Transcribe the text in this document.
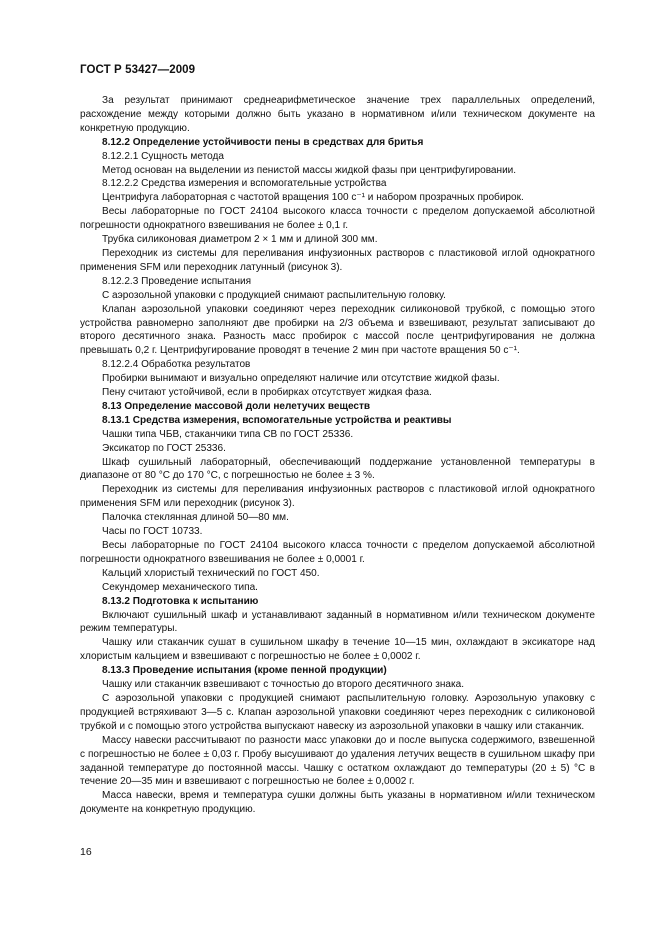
ГОСТ Р 53427—2009

За результат принимают среднеарифметическое значение трех параллельных определений, расхождение между которыми должно быть указано в нормативном и/или техническом документе на конкретную продукцию.

8.12.2 Определение устойчивости пены в средствах для бритья

8.12.2.1 Сущность метода

Метод основан на выделении из пенистой массы жидкой фазы при центрифугировании.

8.12.2.2 Средства измерения и вспомогательные устройства

Центрифуга лабораторная с частотой вращения 100 с⁻¹ и набором прозрачных пробирок.

Весы лабораторные по ГОСТ 24104 высокого класса точности с пределом допускаемой абсолютной погрешности однократного взвешивания не более ± 0,1 г.

Трубка силиконовая диаметром 2 × 1 мм и длиной 300 мм.

Переходник из системы для переливания инфузионных растворов с пластиковой иглой однократного применения SFM или переходник латунный (рисунок 3).

8.12.2.3 Проведение испытания

С аэрозольной упаковки с продукцией снимают распылительную головку.

Клапан аэрозольной упаковки соединяют через переходник силиконовой трубкой, с помощью этого устройства равномерно заполняют две пробирки на 2/3 объема и взвешивают, результат записывают до второго десятичного знака. Разность масс пробирок с массой после центрифугирования не должна превышать 0,2 г. Центрифугирование проводят в течение 2 мин при частоте вращения 50 с⁻¹.

8.12.2.4 Обработка результатов

Пробирки вынимают и визуально определяют наличие или отсутствие жидкой фазы.

Пену считают устойчивой, если в пробирках отсутствует жидкая фаза.

8.13 Определение массовой доли нелетучих веществ

8.13.1 Средства измерения, вспомогательные устройства и реактивы

Чашки типа ЧБВ, стаканчики типа СВ по ГОСТ 25336.

Эксикатор по ГОСТ 25336.

Шкаф сушильный лабораторный, обеспечивающий поддержание установленной температуры в диапазоне от 80 °С до 170 °С, с погрешностью не более ± 3 %.

Переходник из системы для переливания инфузионных растворов с пластиковой иглой однократного применения SFM или переходник (рисунок 3).

Палочка стеклянная длиной 50—80 мм.

Часы по ГОСТ 10733.

Весы лабораторные по ГОСТ 24104 высокого класса точности с пределом допускаемой абсолютной погрешности однократного взвешивания не более ± 0,0001 г.

Кальций хлористый технический по ГОСТ 450.

Секундомер механического типа.

8.13.2 Подготовка к испытанию

Включают сушильный шкаф и устанавливают заданный в нормативном и/или техническом документе режим температуры.

Чашку или стаканчик сушат в сушильном шкафу в течение 10—15 мин, охлаждают в эксикаторе над хлористым кальцием и взвешивают с погрешностью не более ± 0,0002 г.

8.13.3 Проведение испытания (кроме пенной продукции)

Чашку или стаканчик взвешивают с точностью до второго десятичного знака.

С аэрозольной упаковки с продукцией снимают распылительную головку. Аэрозольную упаковку с продукцией встряхивают 3—5 с. Клапан аэрозольной упаковки соединяют через переходник с силиконовой трубкой и с помощью этого устройства выпускают навеску из аэрозольной упаковки в чашку или стаканчик.

Массу навески рассчитывают по разности масс упаковки до и после выпуска содержимого, взвешенной с погрешностью не более ± 0,03 г. Пробу высушивают до удаления летучих веществ в сушильном шкафу при заданной температуре до постоянной массы. Чашку с остатком охлаждают до температуры (20 ± 5) °С в течение 20—35 мин и взвешивают с погрешностью не более ± 0,0002 г.

Масса навески, время и температура сушки должны быть указаны в нормативном и/или техническом документе на конкретную продукцию.

16
